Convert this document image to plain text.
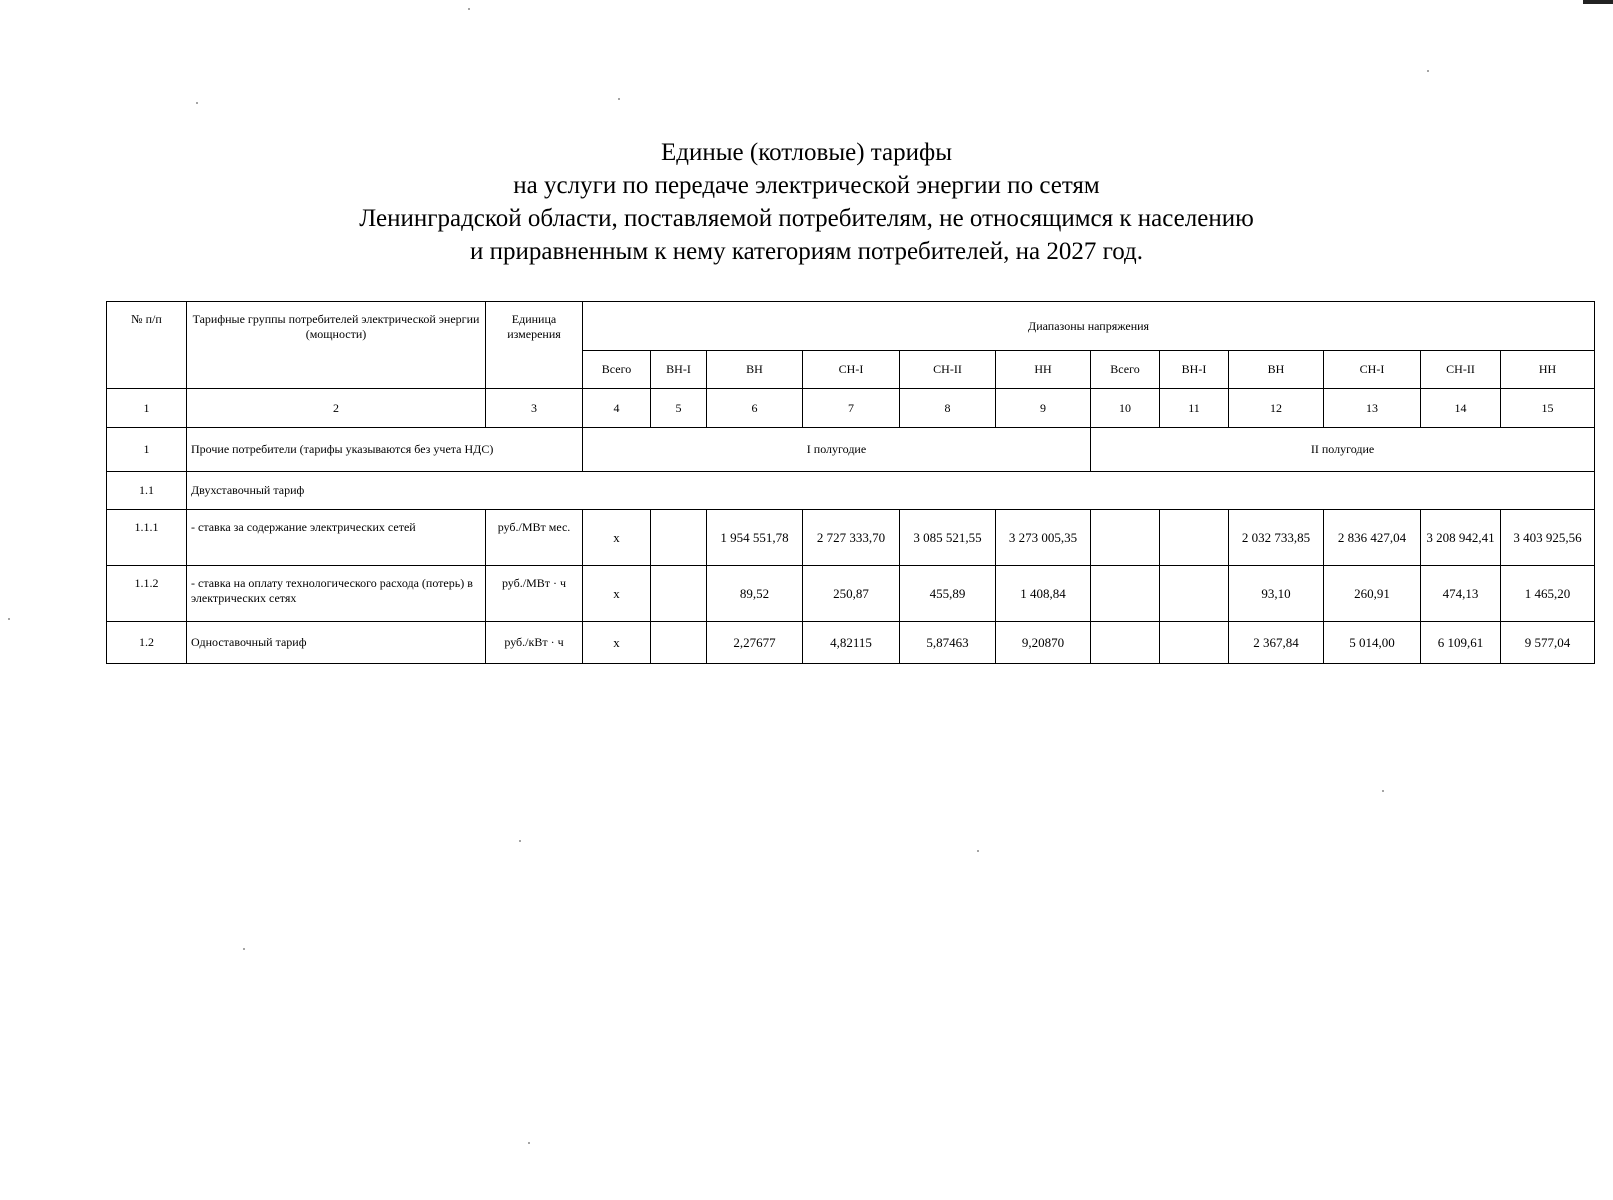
Единые (котловые) тарифы
на услуги по передаче электрической энергии по сетям
Ленинградской области, поставляемой потребителям, не относящимся к населению
и приравненным к нему категориям потребителей, на 2027 год.
№ п/п	Тарифные группы потребителей электрической энергии (мощности)	Единица измерения	Диапазоны напряжения											
			Всего	ВН-I	ВН	СН-I	СН-II	НН	Всего	ВН-I	ВН	СН-I	СН-II	НН
1	2	3	4	5	6	7	8	9	10	11	12	13	14	15
1	Прочие потребители (тарифы указываются без учета НДС)		I полугодие						II полугодие					
1.1	Двухставочный тариф													
1.1.1	- ставка за содержание электрических сетей	руб./МВт мес.	х		1 954 551,78	2 727 333,70	3 085 521,55	3 273 005,35			2 032 733,85	2 836 427,04	3 208 942,41	3 403 925,56
1.1.2	- ставка на оплату технологического расхода (потерь) в электрических сетях	руб./МВт · ч	х		89,52	250,87	455,89	1 408,84			93,10	260,91	474,13	1 465,20
1.2	Одноставочный тариф	руб./кВт · ч	х		2,27677	4,82115	5,87463	9,20870			2 367,84	5 014,00	6 109,61	9 577,04
